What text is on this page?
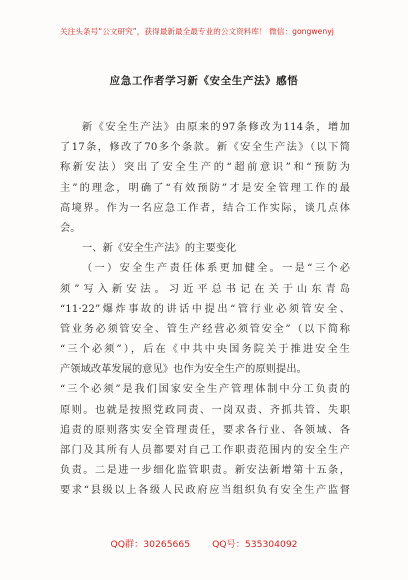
关注头条号“公文研究”，获得最新最全最专业的公文资料库！ 微信：gongwenyj
应急工作者学习新《安全生产法》感悟
新《安全生产法》由原来的97条修改为114条，增加
了17条，修改了70多个条款。新《安全生产法》（以下简
称新安法）突出了安全生产的“超前意识”和“预防为
主”的理念，明确了“有效预防”才是安全管理工作的最
高境界。作为一名应急工作者，结合工作实际，谈几点体
会。
一、新《安全生产法》的主要变化
（一）安全生产责任体系更加健全。一是“三个必
须”写入新安法。习近平总书记在关于山东青岛
“11·22”爆炸事故的讲话中提出“管行业必须管安全、
管业务必须管安全、管生产经营必须管安全”（以下简称
“三个必须”），后在《中共中央国务院关于推进安全生
产领域改革发展的意见》也作为安全生产的原则提出。
“三个必须”是我们国家安全生产管理体制中分工负责的
原则。也就是按照党政同责、一岗双责、齐抓共管、失职
追责的原则落实安全管理责任，要求各行业、各领域、各
部门及其所有人员都要对自己工作职责范围内的安全生产
负责。二是进一步细化监管职责。新安法新增第十五条，
要求“县级以上各级人民政府应当组织负有安全生产监督
QQ群：30265665 QQ号：535304092
